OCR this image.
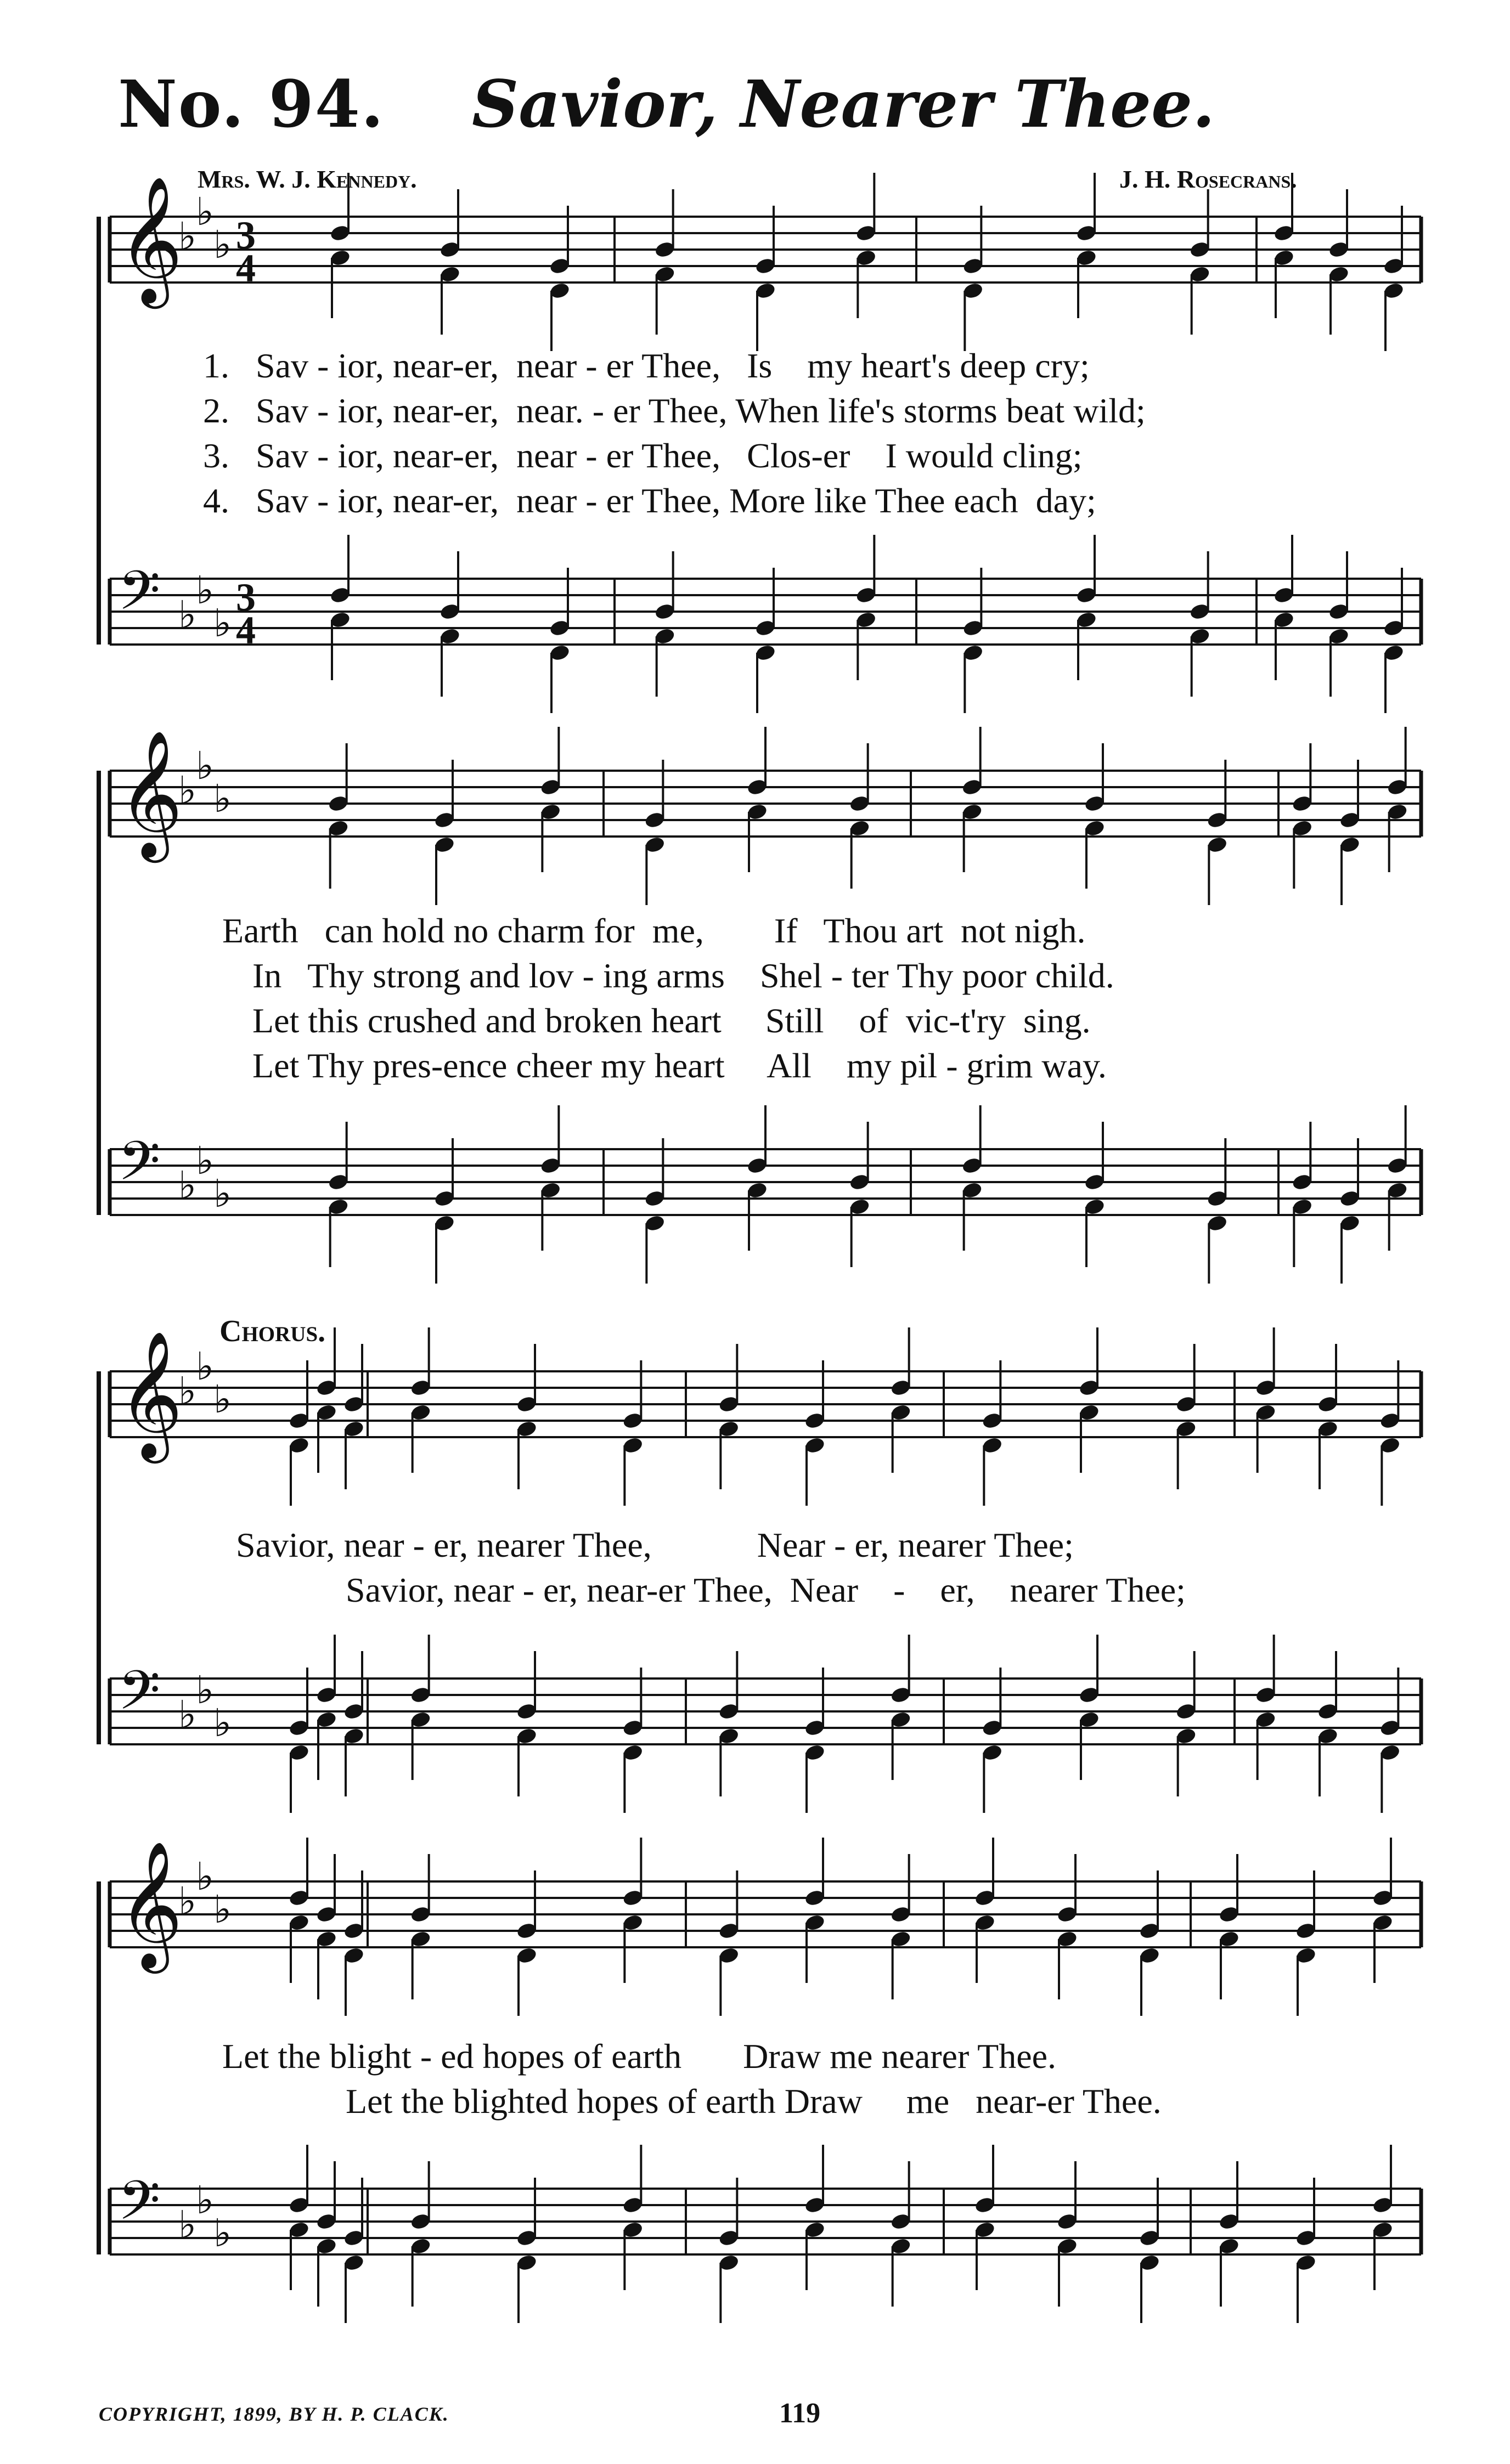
No. 94. Savior, Nearer Thee.
Mrs. W. J. Kennedy.	J. H. Rosecrans.
1.   Sav - ior, near-er,  near - er Thee,   Is    my heart's deep cry;
2.   Sav - ior, near-er,  near. - er Thee, When life's storms beat wild;
3.   Sav - ior, near-er,  near - er Thee,   Clos-er    I would cling;
4.   Sav - ior, near-er,  near - er Thee, More like Thee each  day;
Earth   can hold no charm for  me,        If   Thou art  not nigh.
In   Thy strong and lov - ing arms    Shel - ter Thy poor child.
Let this crushed and broken heart     Still    of  vic-t'ry  sing.
Let Thy pres-ence cheer my heart     All    my pil - grim way.
Chorus.
Savior, near - er, nearer Thee,            Near - er, nearer Thee;
Savior, near - er, near-er Thee,  Near    -    er,    nearer Thee;
Let the blight - ed hopes of earth       Draw me nearer Thee.
Let the blighted hopes of earth Draw     me   near-er Thee.
COPYRIGHT, 1899, BY H. P. CLACK.	119
𝄞
♭
♭
♭ 3
4
𝄢 ♭
♭
♭
3
4
𝄞
♭
♭
♭
𝄢 ♭
♭
♭
𝄞
♭
♭
♭
𝄢 ♭
♭
♭
𝄞
♭
♭
♭
𝄢 ♭
♭
♭
